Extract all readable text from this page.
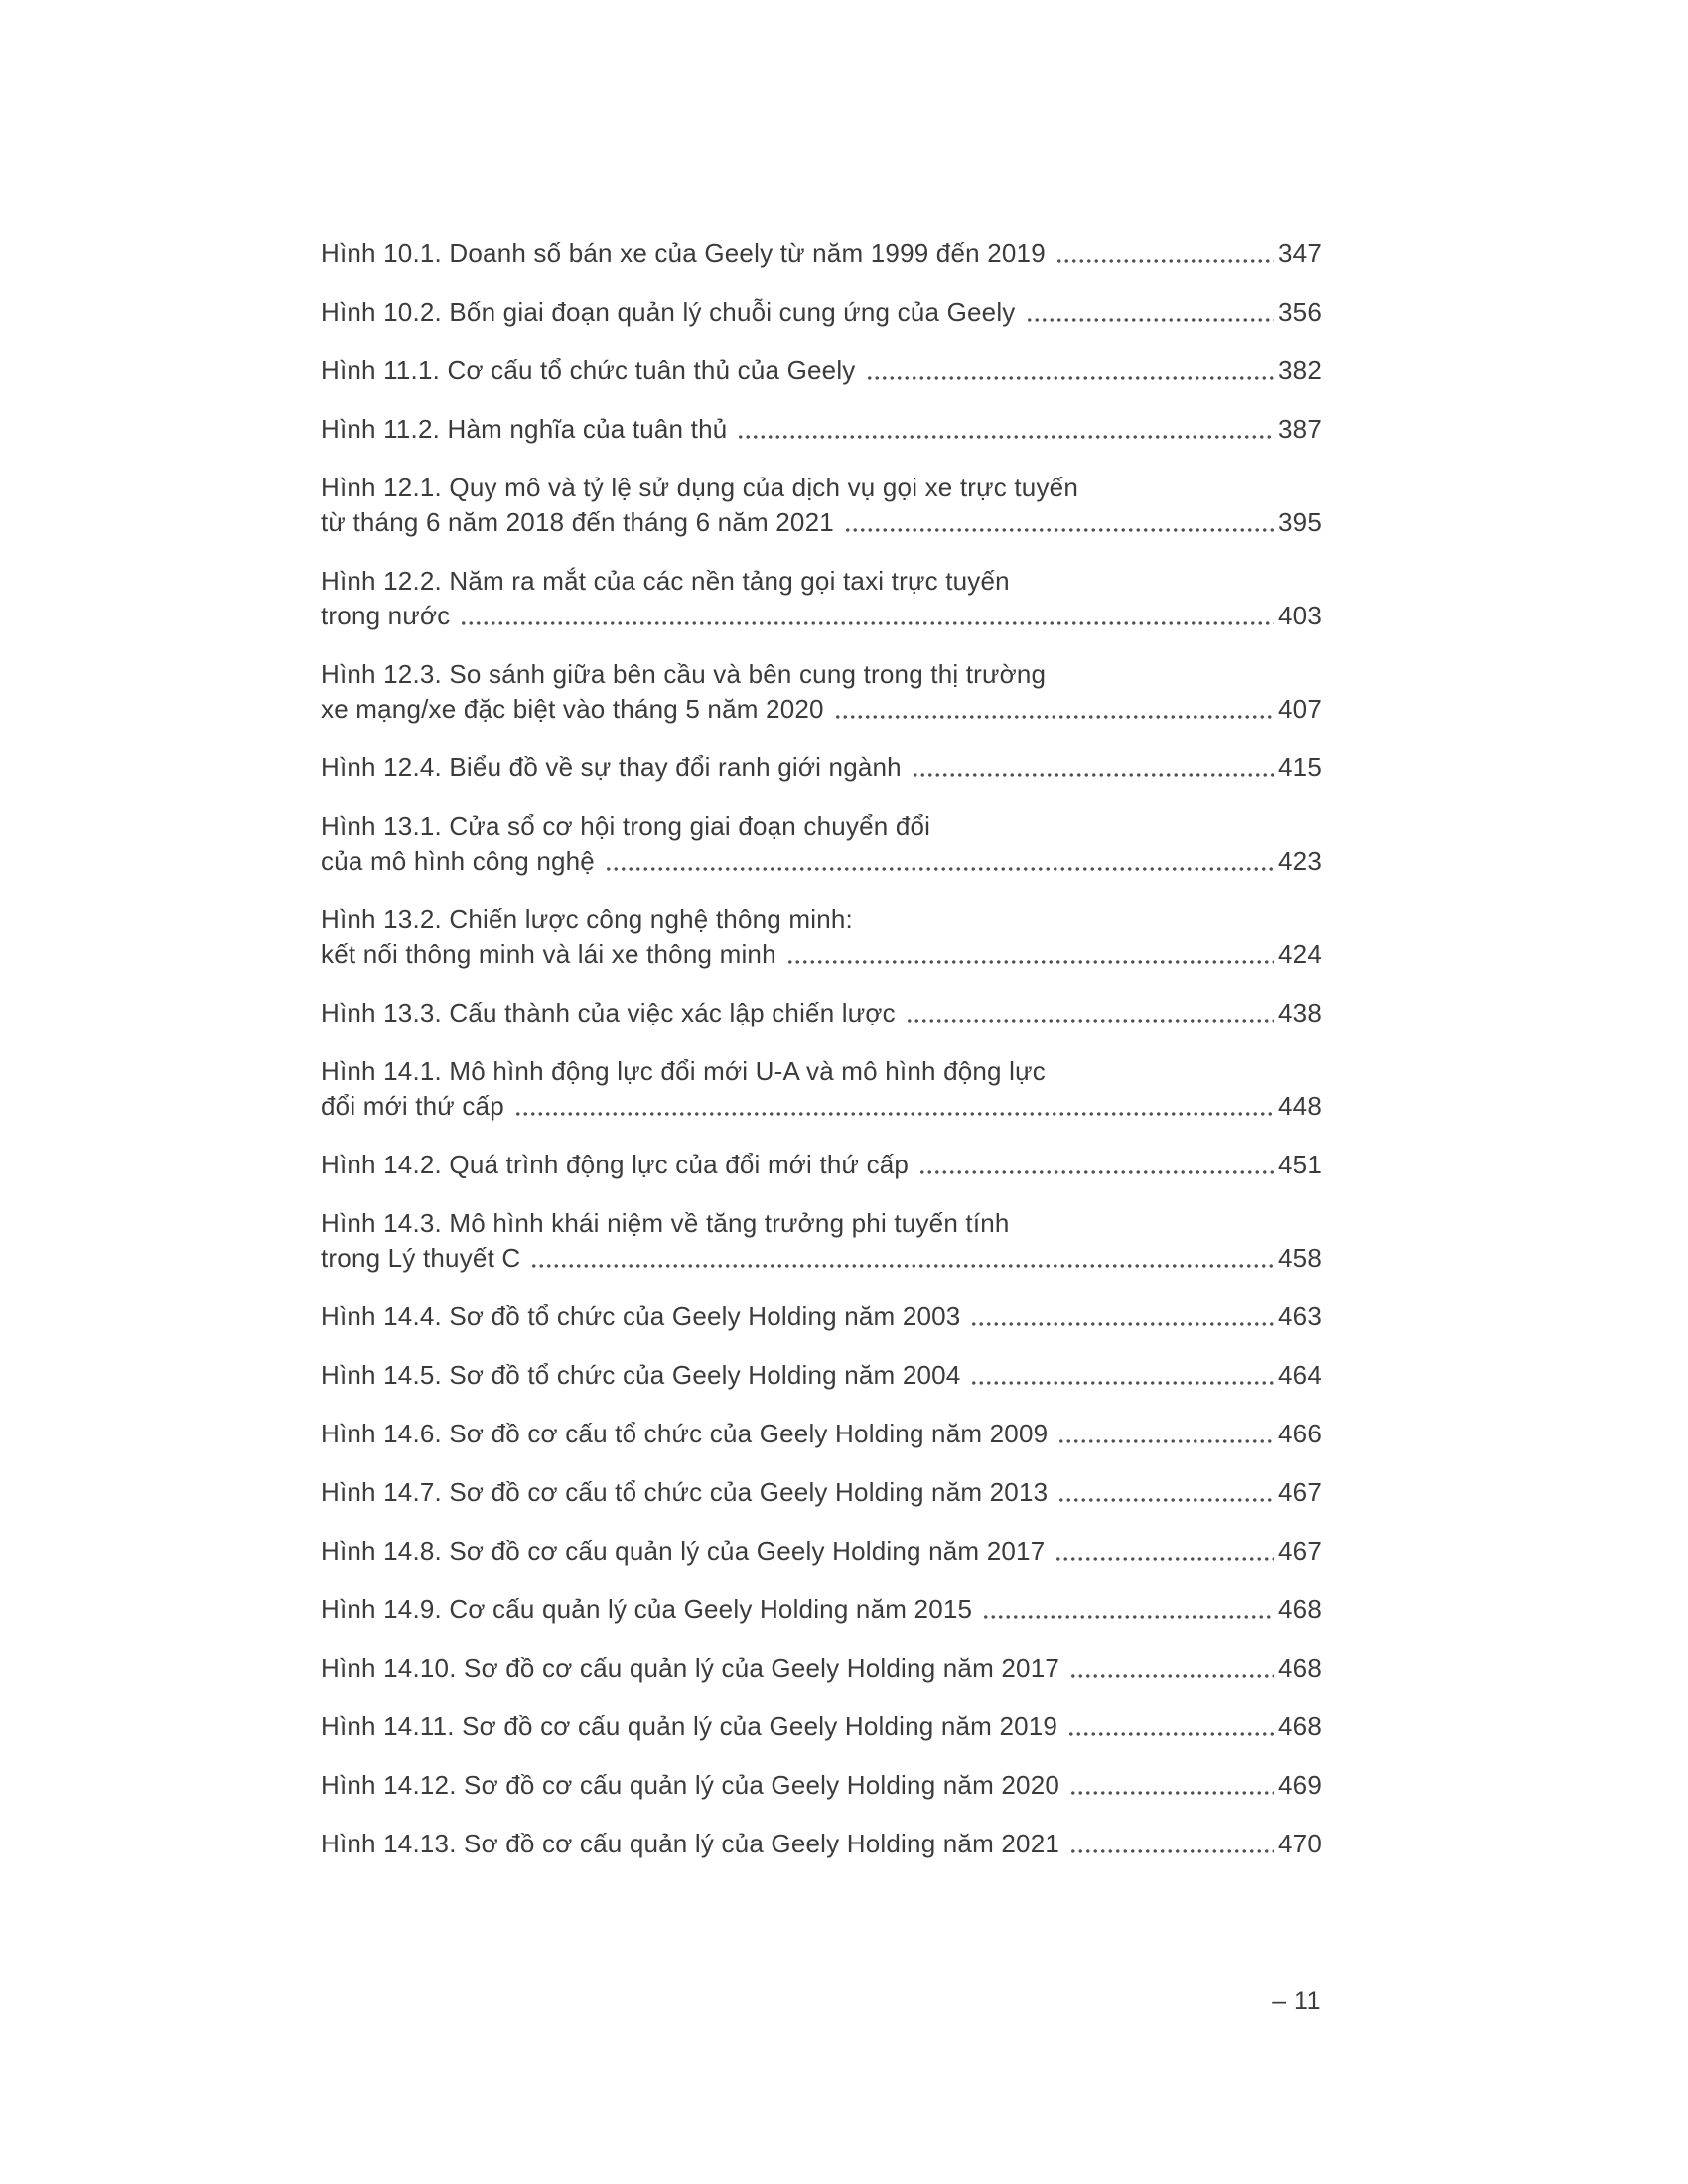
Hình 10.1. Doanh số bán xe của Geely từ năm 1999 đến 2019	347
Hình 10.2. Bốn giai đoạn quản lý chuỗi cung ứng của Geely	356
Hình 11.1. Cơ cấu tổ chức tuân thủ của Geely	382
Hình 11.2. Hàm nghĩa của tuân thủ	387
Hình 12.1. Quy mô và tỷ lệ sử dụng của dịch vụ gọi xe trực tuyến
từ tháng 6 năm 2018 đến tháng 6 năm 2021	395
Hình 12.2. Năm ra mắt của các nền tảng gọi taxi trực tuyến
trong nước	403
Hình 12.3. So sánh giữa bên cầu và bên cung trong thị trường
xe mạng/xe đặc biệt vào tháng 5 năm 2020	407
Hình 12.4. Biểu đồ về sự thay đổi ranh giới ngành	415
Hình 13.1. Cửa sổ cơ hội trong giai đoạn chuyển đổi
của mô hình công nghệ	423
Hình 13.2. Chiến lược công nghệ thông minh:
kết nối thông minh và lái xe thông minh	424
Hình 13.3. Cấu thành của việc xác lập chiến lược	438
Hình 14.1. Mô hình động lực đổi mới U-A và mô hình động lực
đổi mới thứ cấp	448
Hình 14.2. Quá trình động lực của đổi mới thứ cấp	451
Hình 14.3. Mô hình khái niệm về tăng trưởng phi tuyến tính
trong Lý thuyết C	458
Hình 14.4. Sơ đồ tổ chức của Geely Holding năm 2003	463
Hình 14.5. Sơ đồ tổ chức của Geely Holding năm 2004	464
Hình 14.6. Sơ đồ cơ cấu tổ chức của Geely Holding năm 2009	466
Hình 14.7. Sơ đồ cơ cấu tổ chức của Geely Holding năm 2013	467
Hình 14.8. Sơ đồ cơ cấu quản lý của Geely Holding năm 2017	467
Hình 14.9. Cơ cấu quản lý của Geely Holding năm 2015	468
Hình 14.10. Sơ đồ cơ cấu quản lý của Geely Holding năm 2017	468
Hình 14.11. Sơ đồ cơ cấu quản lý của Geely Holding năm 2019	468
Hình 14.12. Sơ đồ cơ cấu quản lý của Geely Holding năm 2020	469
Hình 14.13. Sơ đồ cơ cấu quản lý của Geely Holding năm 2021	470
– 11
